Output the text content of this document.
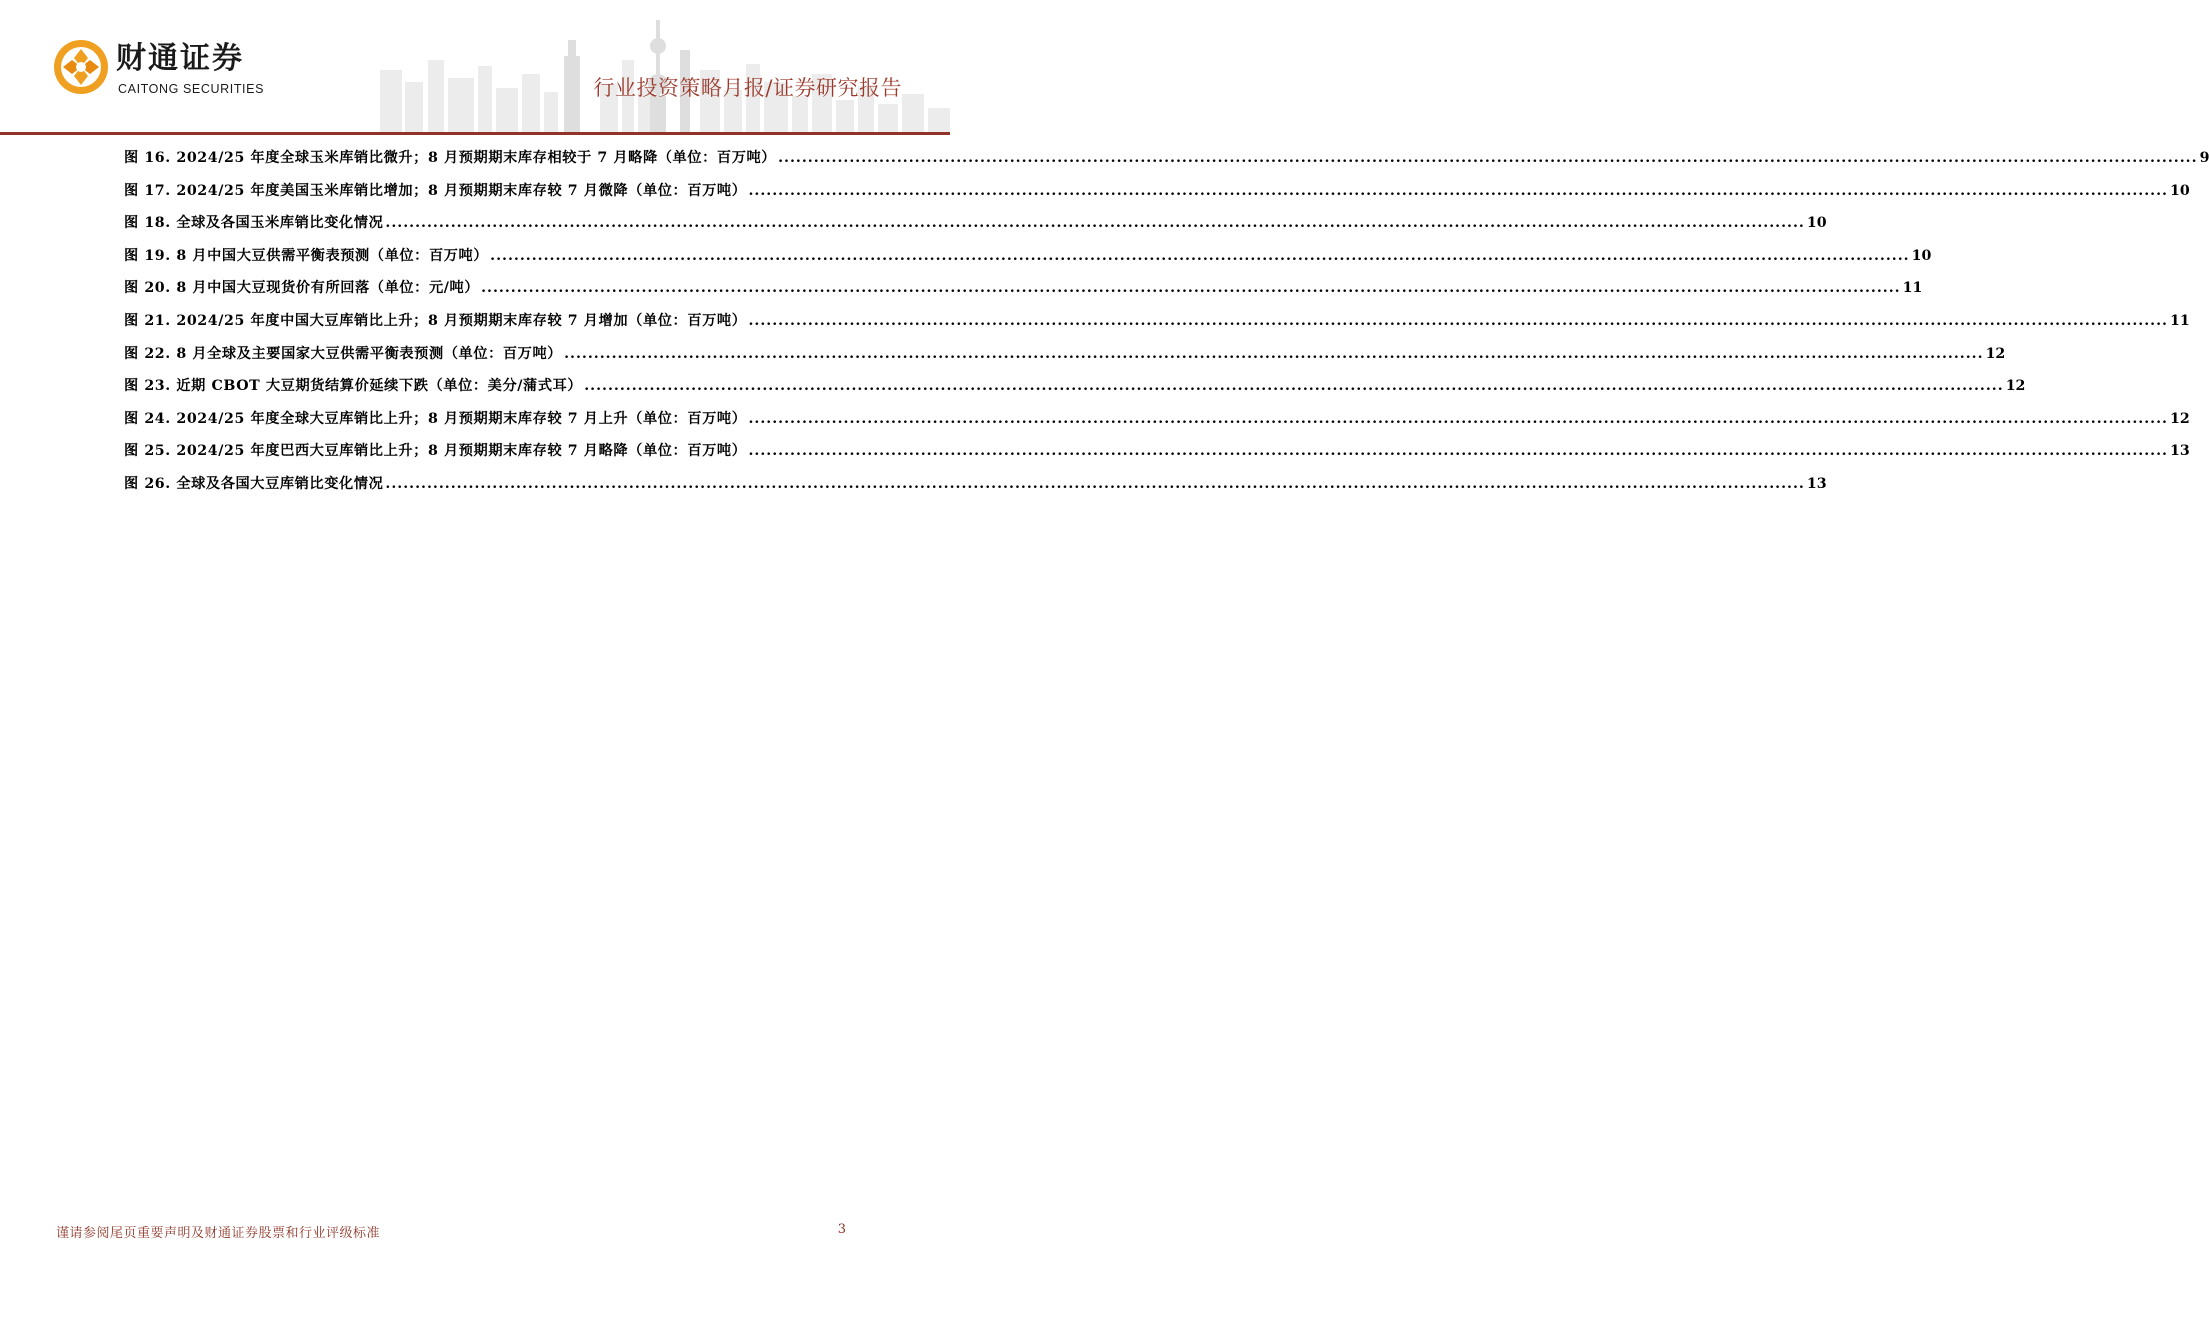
财通证券
CAITONG SECURITIES	行业投资策略月报/证券研究报告
图 16. 2024/25 年度全球玉米库销比微升；8 月预期期末库存相较于 7 月略降（单位：百万吨） .....	9
图 17. 2024/25 年度美国玉米库销比增加；8 月预期期末库存较 7 月微降（单位：百万吨） .....	10
图 18. 全球及各国玉米库销比变化情况 .....	10
图 19. 8 月中国大豆供需平衡表预测（单位：百万吨） .....	10
图 20. 8 月中国大豆现货价有所回落（单位：元/吨） .....	11
图 21. 2024/25 年度中国大豆库销比上升；8 月预期期末库存较 7 月增加（单位：百万吨） .....	11
图 22. 8 月全球及主要国家大豆供需平衡表预测（单位：百万吨） .....	12
图 23. 近期 CBOT 大豆期货结算价延续下跌（单位：美分/蒲式耳） .....	12
图 24. 2024/25 年度全球大豆库销比上升；8 月预期期末库存较 7 月上升（单位：百万吨） .....	12
图 25. 2024/25 年度巴西大豆库销比上升；8 月预期期末库存较 7 月略降（单位：百万吨） .....	13
图 26. 全球及各国大豆库销比变化情况 .....	13
谨请参阅尾页重要声明及财通证券股票和行业评级标准	3
